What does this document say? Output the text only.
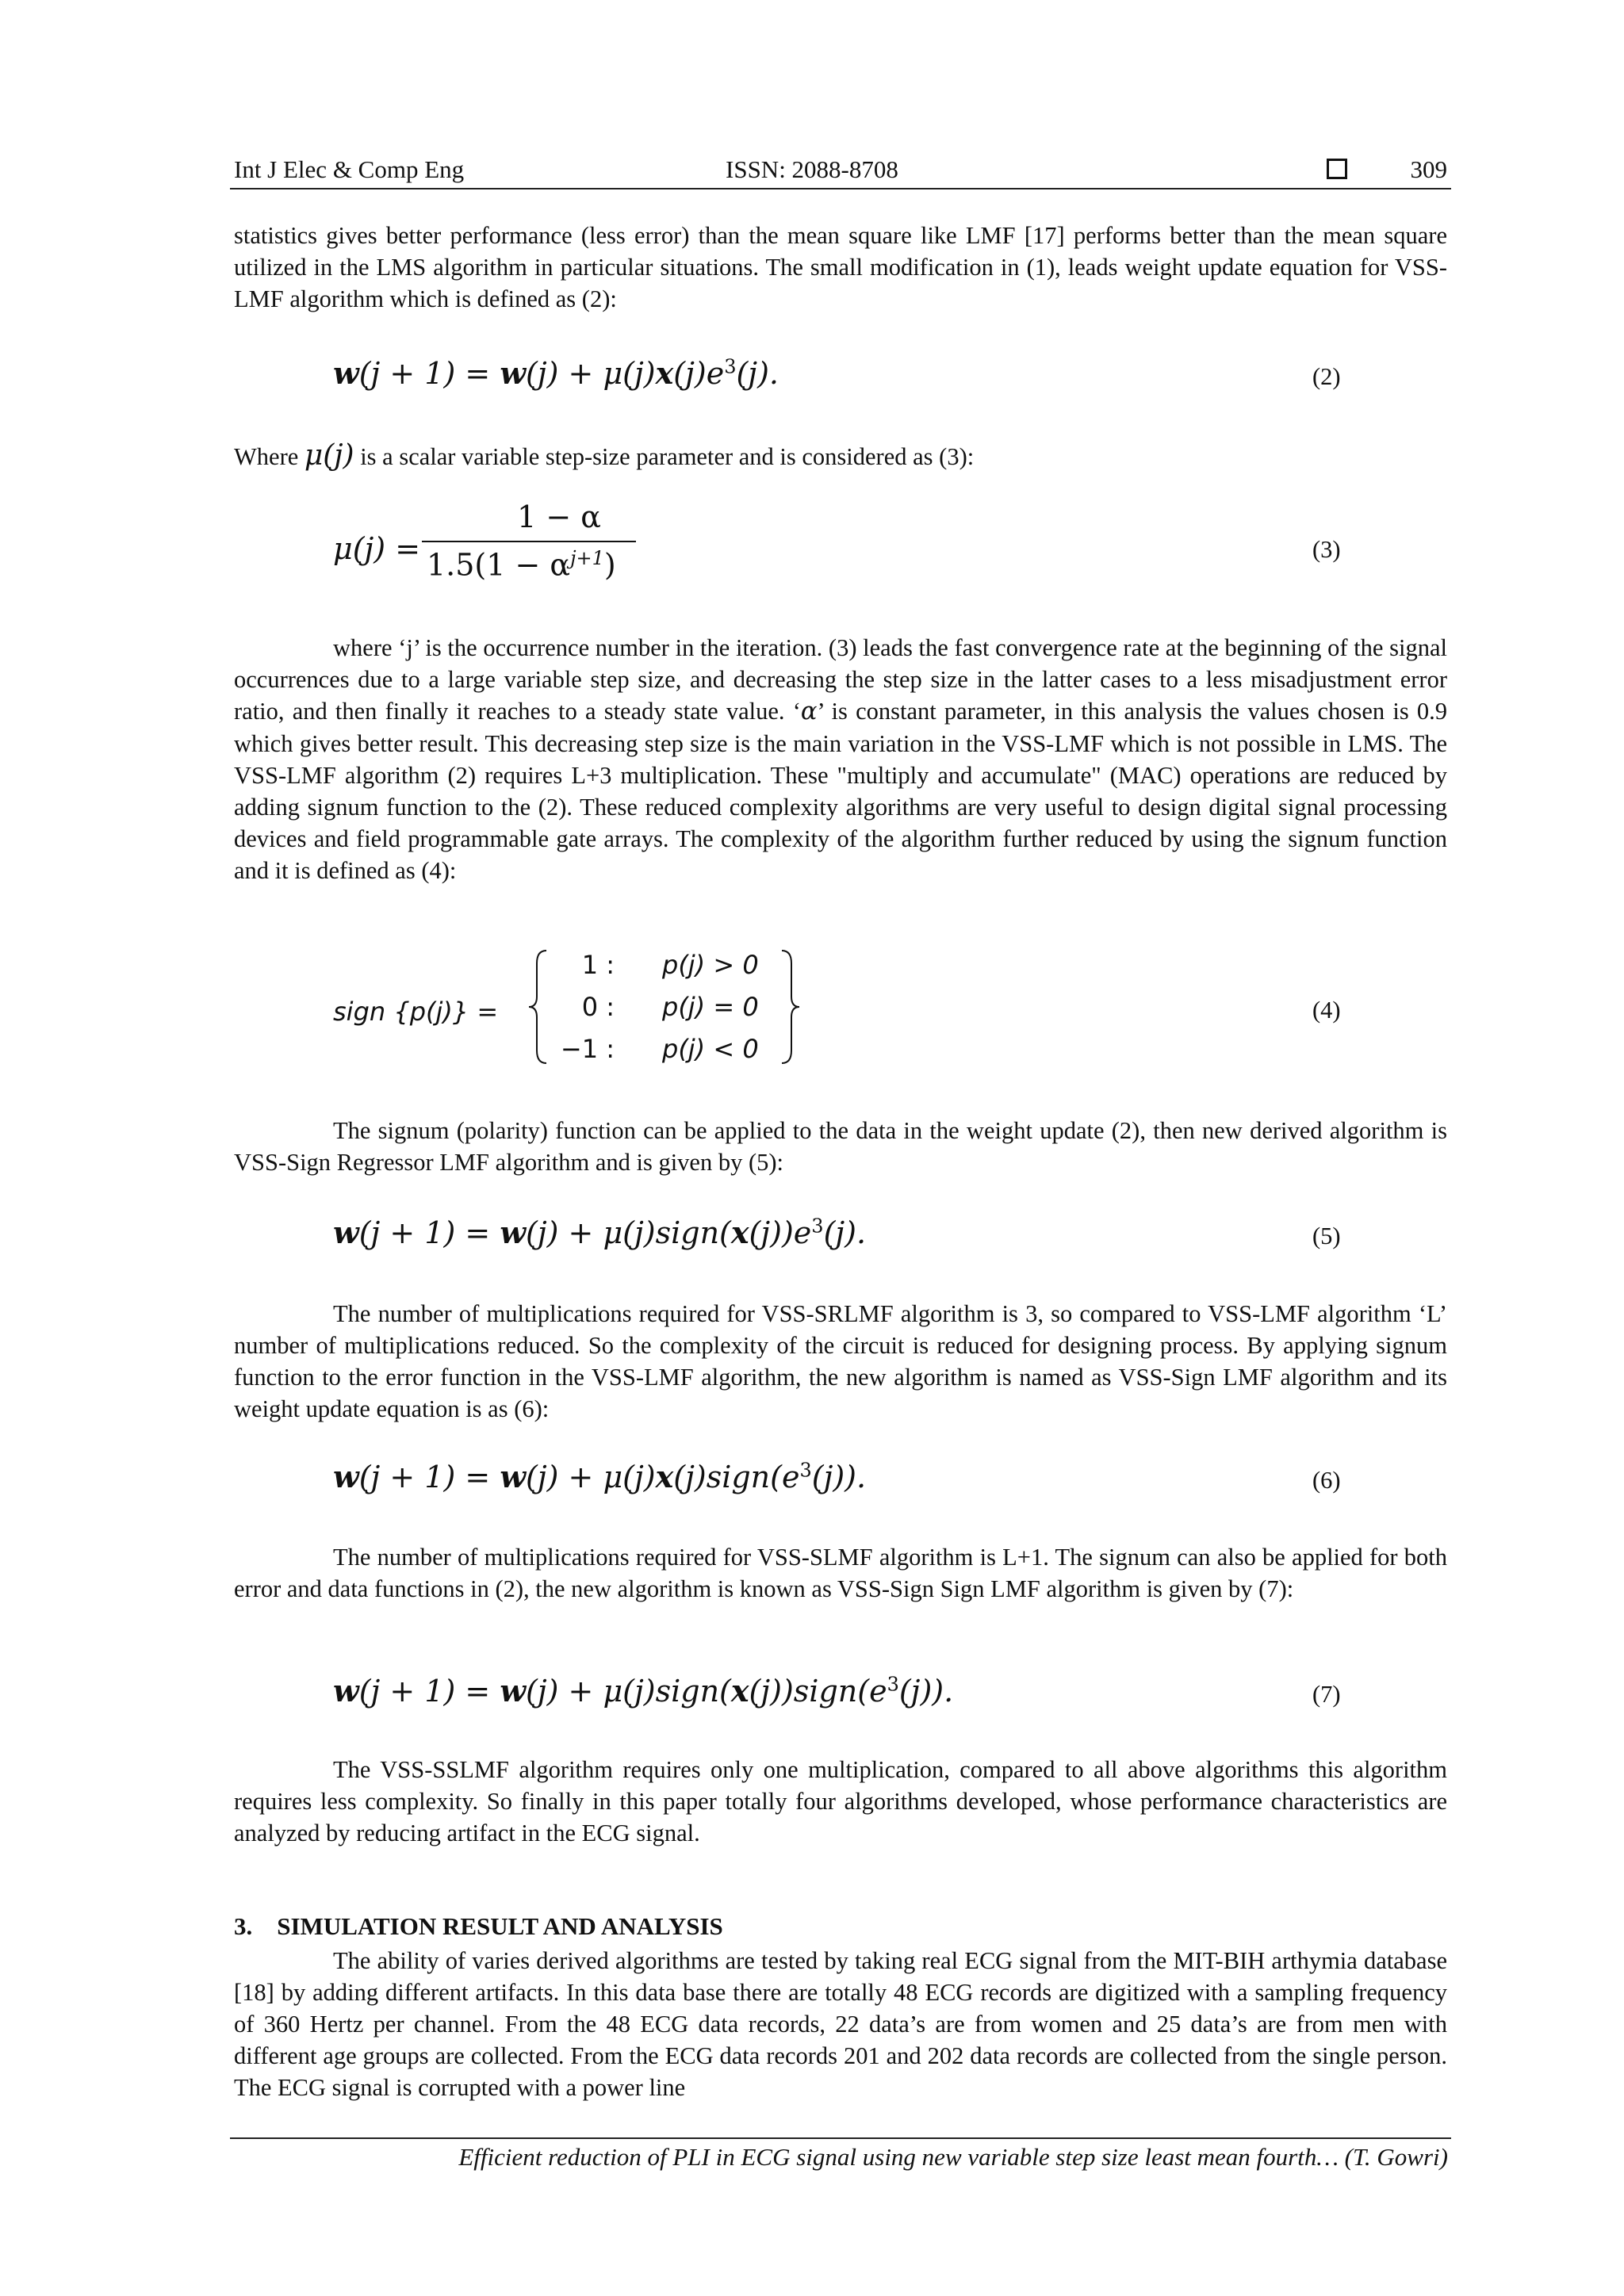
Int J Elec & Comp Eng	ISSN: 2088-8708	309

statistics gives better performance (less error) than the mean square like LMF [17] performs better than the mean square utilized in the LMS algorithm in particular situations. The small modification in (1), leads weight update equation for VSS-LMF algorithm which is defined as (2):

$w(j + 1) = w(j) + \mu(j)x(j)e^3(j)$.	(2)

Where μ(j) is a scalar variable step-size parameter and is considered as (3):

μ(j) =
1 − α
$1.5(1 - \alpha^{j+1})$	(3)

where ‘j’ is the occurrence number in the iteration. (3) leads the fast convergence rate at the beginning of the signal occurrences due to a large variable step size, and decreasing the step size in the latter cases to a less misadjustment error ratio, and then finally it reaches to a steady state value. ‘α’ is constant parameter, in this analysis the values chosen is 0.9 which gives better result. This decreasing step size is the main variation in the VSS-LMF which is not possible in LMS. The VSS-LMF algorithm (2) requires L+3 multiplication. These "multiply and accumulate" (MAC) operations are reduced by adding signum function to the (2). These reduced complexity algorithms are very useful to design digital signal processing devices and field programmable gate arrays. The complexity of the algorithm further reduced by using the signum function and it is defined as (4):

sign {p(j)} =
1 : p(j) > 0
0 : p(j) = 0
−1 : p(j) < 0
(4)

The signum (polarity) function can be applied to the data in the weight update (2), then new derived algorithm is VSS-Sign Regressor LMF algorithm and is given by (5):

$w(j + 1) = w(j) + \mu(j)sign(x(j))e^3(j)$.	(5)

The number of multiplications required for VSS-SRLMF algorithm is 3, so compared to VSS-LMF algorithm ‘L’ number of multiplications reduced. So the complexity of the circuit is reduced for designing process. By applying signum function to the error function in the VSS-LMF algorithm, the new algorithm is named as VSS-Sign LMF algorithm and its weight update equation is as (6):

$w(j + 1) = w(j) + \mu(j)x(j)sign(e^3(j))$.	(6)

The number of multiplications required for VSS-SLMF algorithm is L+1. The signum can also be applied for both error and data functions in (2), the new algorithm is known as VSS-Sign Sign LMF algorithm is given by (7):

$w(j + 1) = w(j) + \mu(j)sign(x(j))sign(e^3(j))$.	(7)

The VSS-SSLMF algorithm requires only one multiplication, compared to all above algorithms this algorithm requires less complexity. So finally in this paper totally four algorithms developed, whose performance characteristics are analyzed by reducing artifact in the ECG signal.

3.    SIMULATION RESULT AND ANALYSIS

The ability of varies derived algorithms are tested by taking real ECG signal from the MIT-BIH arthymia database [18] by adding different artifacts. In this data base there are totally 48 ECG records are digitized with a sampling frequency of 360 Hertz per channel. From the 48 ECG data records, 22 data’s are from women and 25 data’s are from men with different age groups are collected. From the ECG data records 201 and 202 data records are collected from the single person. The ECG signal is corrupted with a power line

Efficient reduction of PLI in ECG signal using new variable step size least mean fourth… (T. Gowri)
